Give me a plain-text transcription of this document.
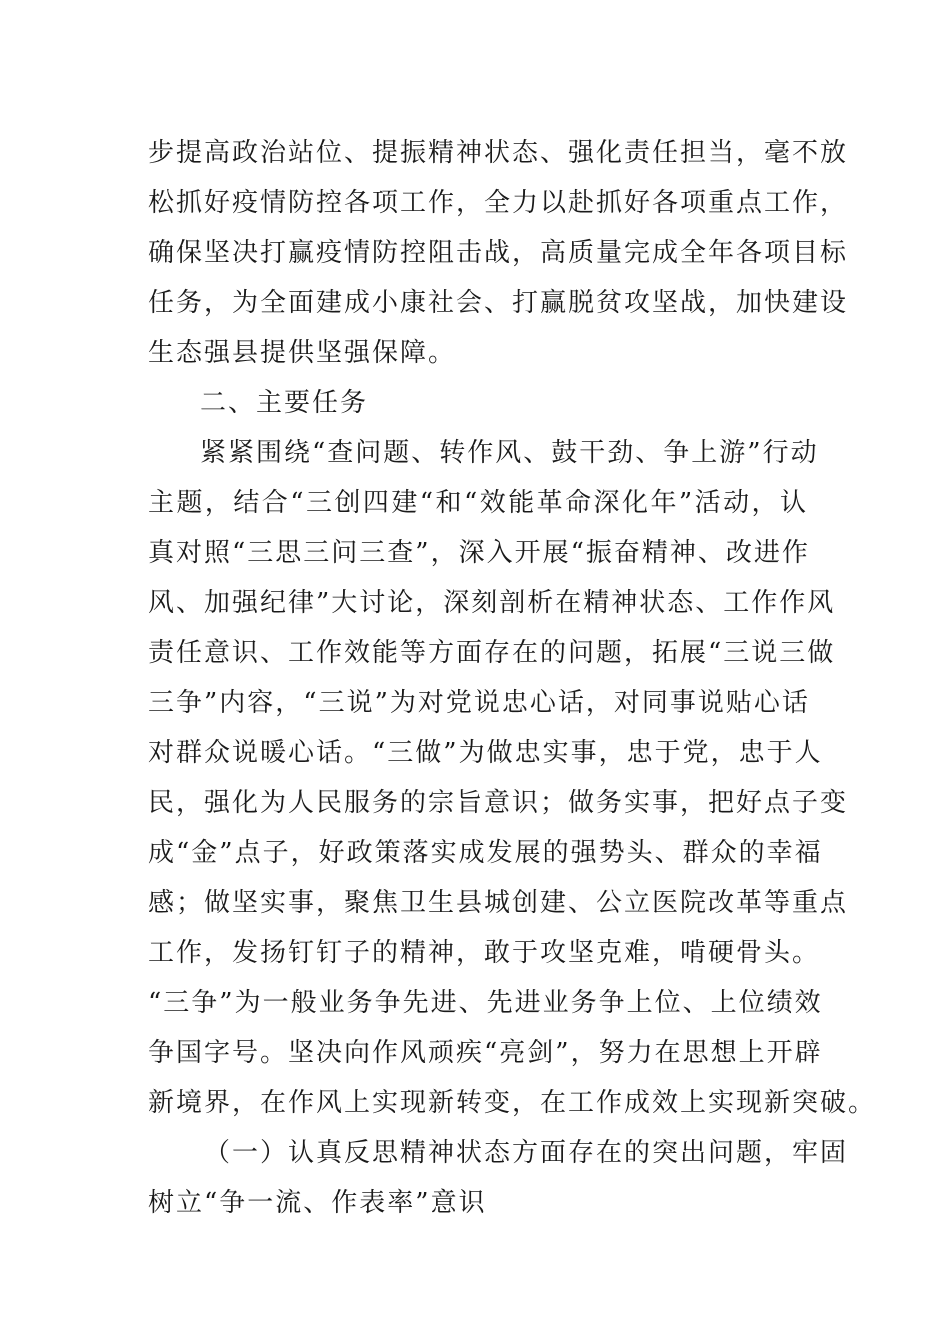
步提高政治站位、提振精神状态、强化责任担当，毫不放
松抓好疫情防控各项工作，全力以赴抓好各项重点工作，
确保坚决打赢疫情防控阻击战，高质量完成全年各项目标
任务，为全面建成小康社会、打赢脱贫攻坚战，加快建设
生态强县提供坚强保障。
二、主要任务
紧紧围绕“查问题、转作风、鼓干劲、争上游”行动
主题，结合“三创四建“和“效能革命深化年”活动，认
真对照“三思三问三查”，深入开展“振奋精神、改进作
风、加强纪律”大讨论，深刻剖析在精神状态、工作作风
责任意识、工作效能等方面存在的问题，拓展“三说三做
三争”内容，“三说”为对党说忠心话，对同事说贴心话
对群众说暖心话。“三做”为做忠实事，忠于党，忠于人
民，强化为人民服务的宗旨意识；做务实事，把好点子变
成“金”点子，好政策落实成发展的强势头、群众的幸福
感；做坚实事，聚焦卫生县城创建、公立医院改革等重点
工作，发扬钉钉子的精神，敢于攻坚克难，啃硬骨头。
“三争”为一般业务争先进、先进业务争上位、上位绩效
争国字号。坚决向作风顽疾“亮剑”，努力在思想上开辟
新境界，在作风上实现新转变，在工作成效上实现新突破。
（一）认真反思精神状态方面存在的突出问题，牢固
树立“争一流、作表率”意识
